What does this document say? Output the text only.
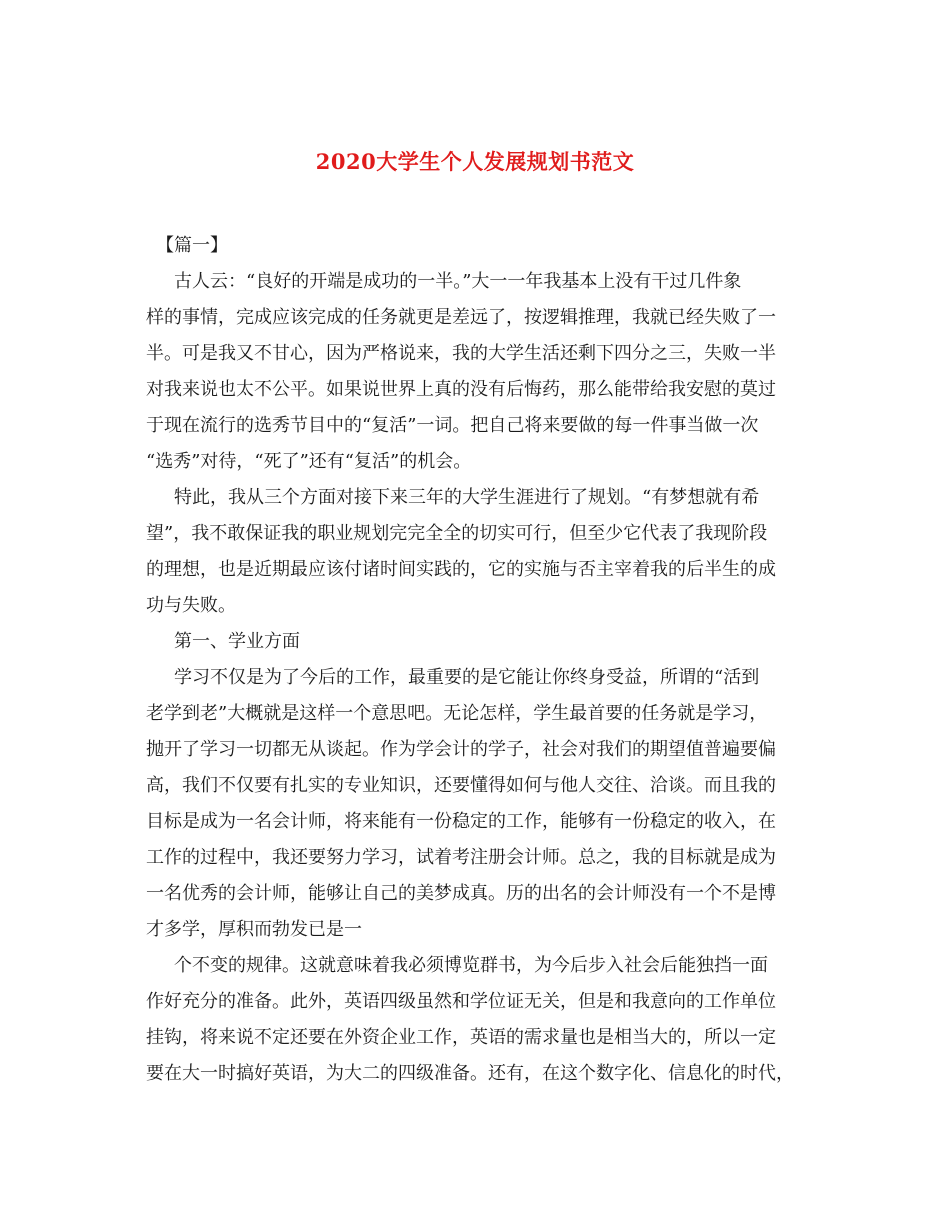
2020大学生个人发展规划书范文
【篇一】
古人云：“良好的开端是成功的一半。”大一一年我基本上没有干过几件象
样的事情，完成应该完成的任务就更是差远了，按逻辑推理，我就已经失败了一
半。可是我又不甘心，因为严格说来，我的大学生活还剩下四分之三，失败一半
对我来说也太不公平。如果说世界上真的没有后悔药，那么能带给我安慰的莫过
于现在流行的选秀节目中的“复活”一词。把自己将来要做的每一件事当做一次
“选秀”对待，“死了”还有“复活”的机会。
特此，我从三个方面对接下来三年的大学生涯进行了规划。“有梦想就有希
望”，我不敢保证我的职业规划完完全全的切实可行，但至少它代表了我现阶段
的理想，也是近期最应该付诸时间实践的，它的实施与否主宰着我的后半生的成
功与失败。
第一、学业方面
学习不仅是为了今后的工作，最重要的是它能让你终身受益，所谓的“活到
老学到老”大概就是这样一个意思吧。无论怎样，学生最首要的任务就是学习，
抛开了学习一切都无从谈起。作为学会计的学子，社会对我们的期望值普遍要偏
高，我们不仅要有扎实的专业知识，还要懂得如何与他人交往、洽谈。而且我的
目标是成为一名会计师，将来能有一份稳定的工作，能够有一份稳定的收入，在
工作的过程中，我还要努力学习，试着考注册会计师。总之，我的目标就是成为
一名优秀的会计师，能够让自己的美梦成真。历的出名的会计师没有一个不是博
才多学，厚积而勃发已是一
个不变的规律。这就意味着我必须博览群书，为今后步入社会后能独挡一面
作好充分的准备。此外，英语四级虽然和学位证无关，但是和我意向的工作单位
挂钩，将来说不定还要在外资企业工作，英语的需求量也是相当大的，所以一定
要在大一时搞好英语，为大二的四级准备。还有，在这个数字化、信息化的时代，
